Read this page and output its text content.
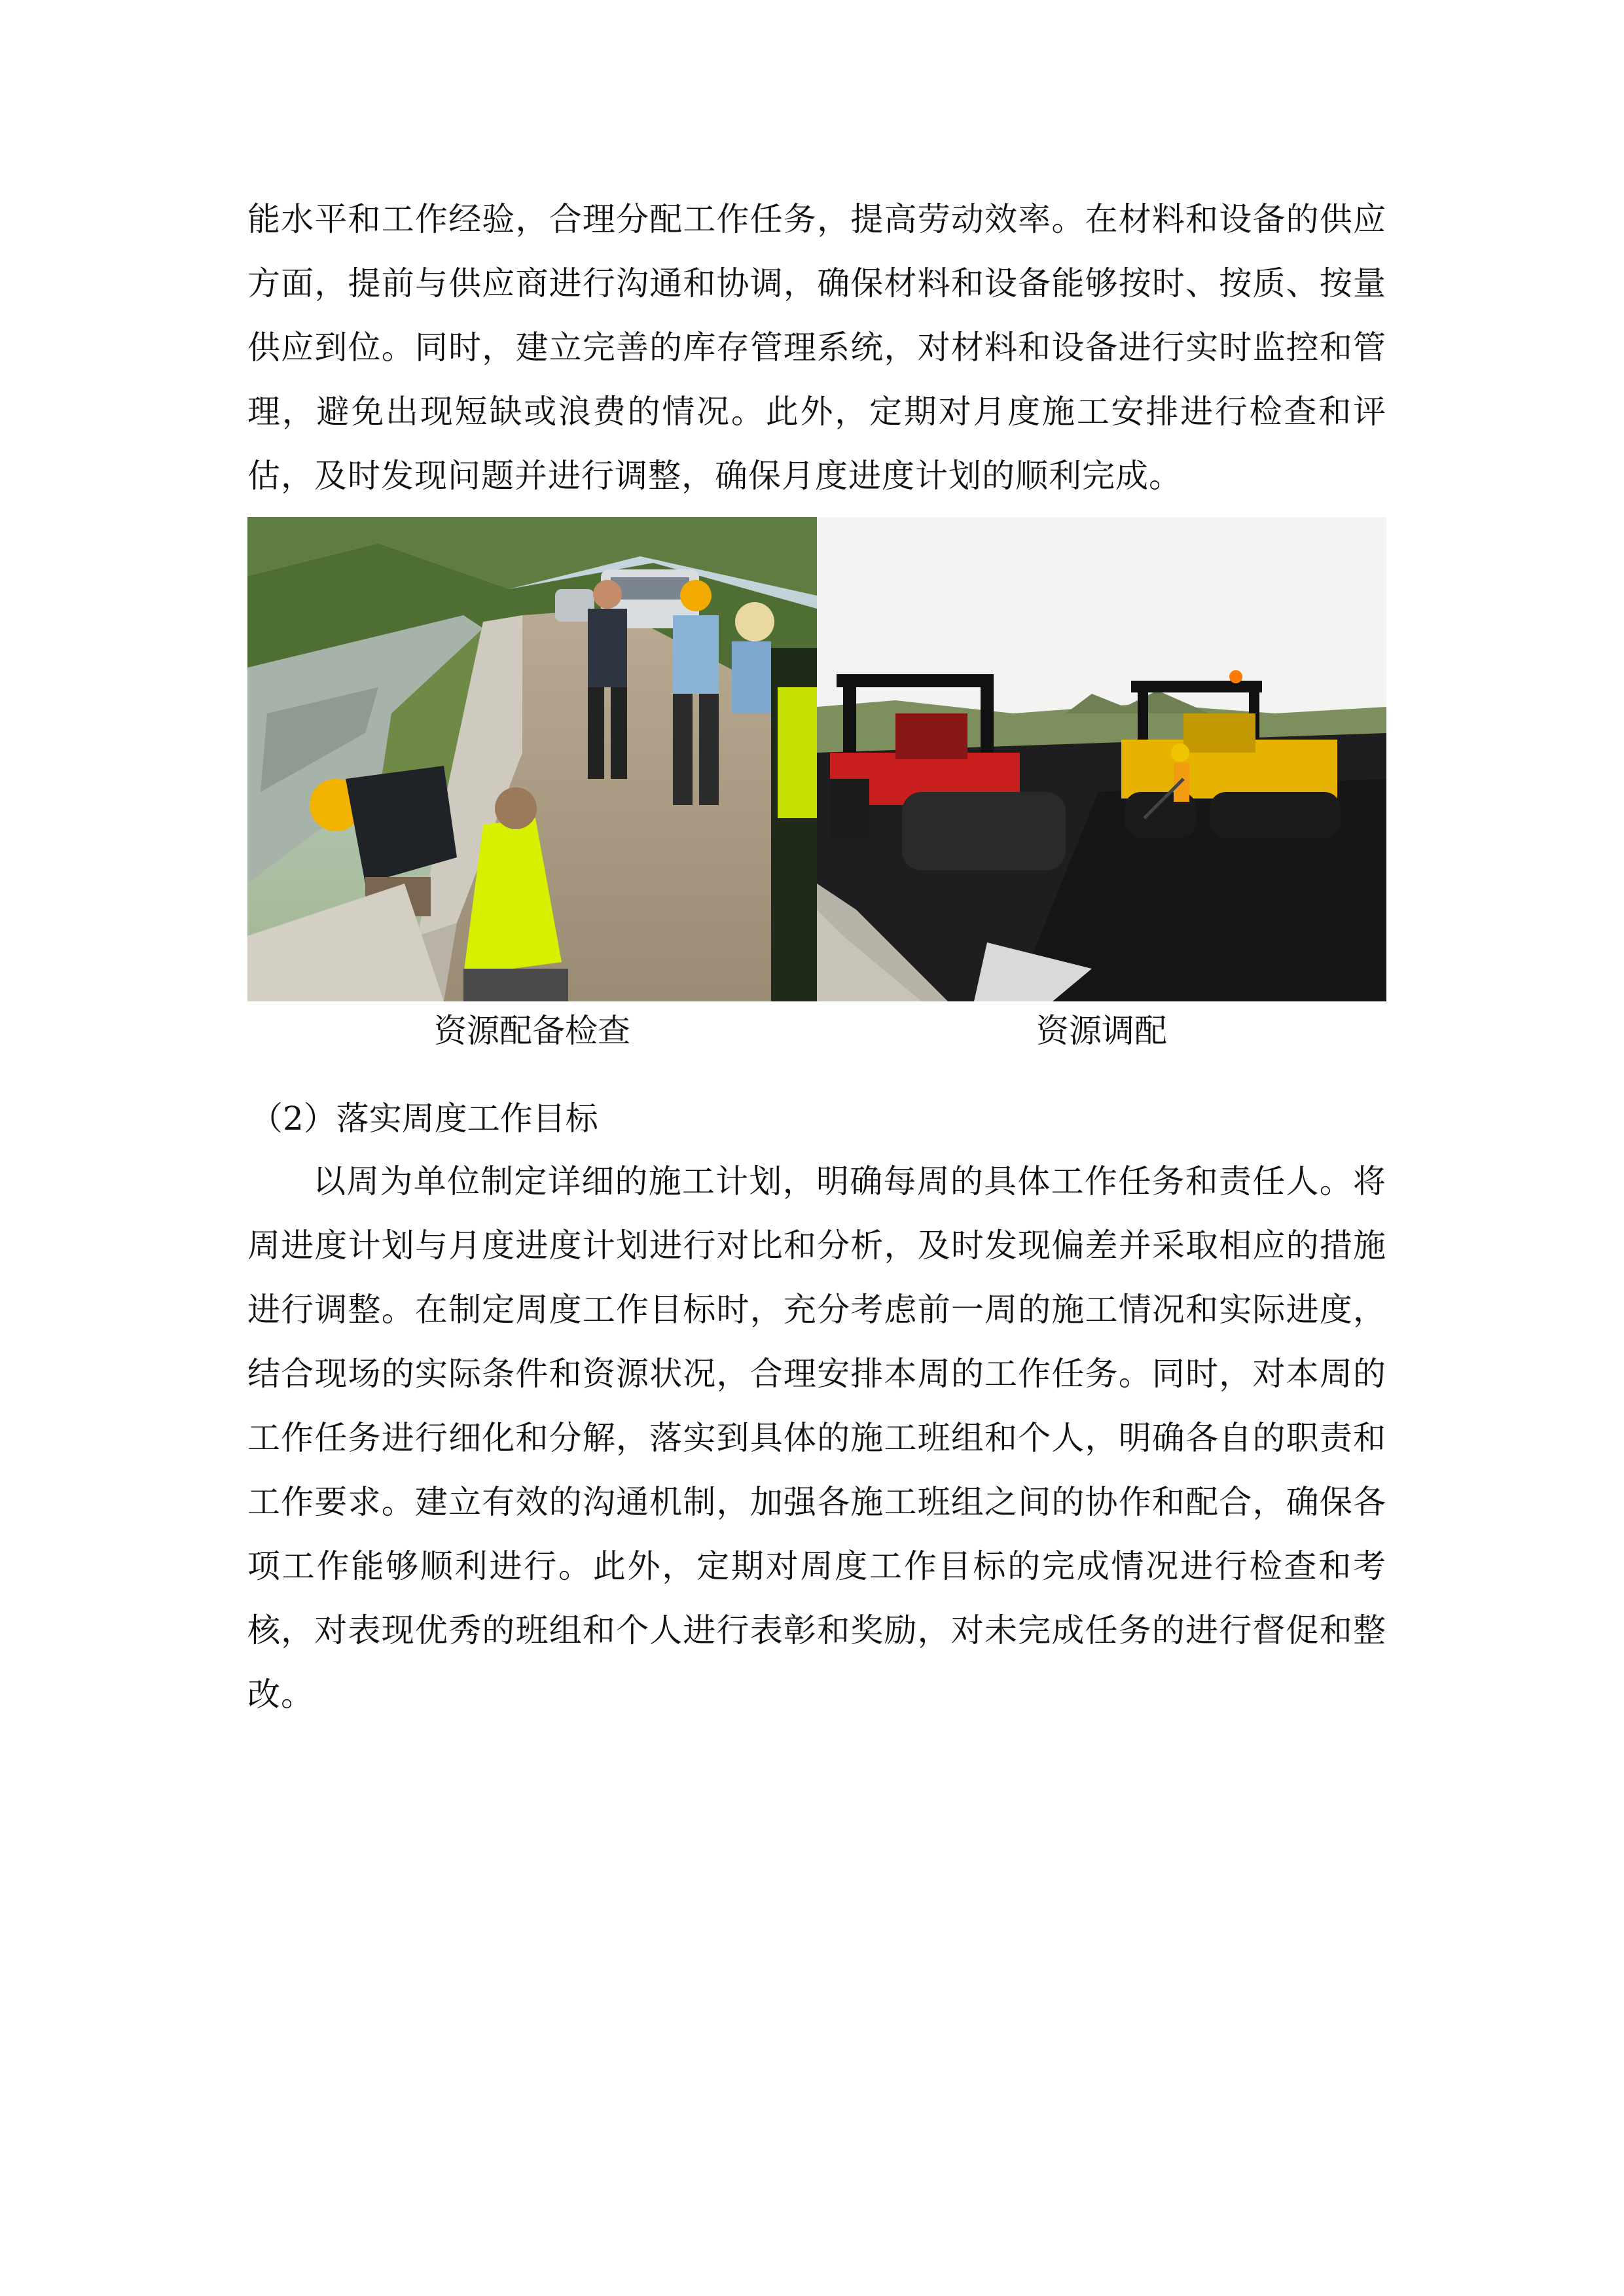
能水平和工作经验，合理分配工作任务，提高劳动效率。在材料和设备的供应方面，提前与供应商进行沟通和协调，确保材料和设备能够按时、按质、按量供应到位。同时，建立完善的库存管理系统，对材料和设备进行实时监控和管理，避免出现短缺或浪费的情况。此外，定期对月度施工安排进行检查和评估，及时发现问题并进行调整，确保月度进度计划的顺利完成。

资源配备检查	资源调配

（2）落实周度工作目标

以周为单位制定详细的施工计划，明确每周的具体工作任务和责任人。将周进度计划与月度进度计划进行对比和分析，及时发现偏差并采取相应的措施进行调整。在制定周度工作目标时，充分考虑前一周的施工情况和实际进度，结合现场的实际条件和资源状况，合理安排本周的工作任务。同时，对本周的工作任务进行细化和分解，落实到具体的施工班组和个人，明确各自的职责和工作要求。建立有效的沟通机制，加强各施工班组之间的协作和配合，确保各项工作能够顺利进行。此外，定期对周度工作目标的完成情况进行检查和考核，对表现优秀的班组和个人进行表彰和奖励，对未完成任务的进行督促和整改。
